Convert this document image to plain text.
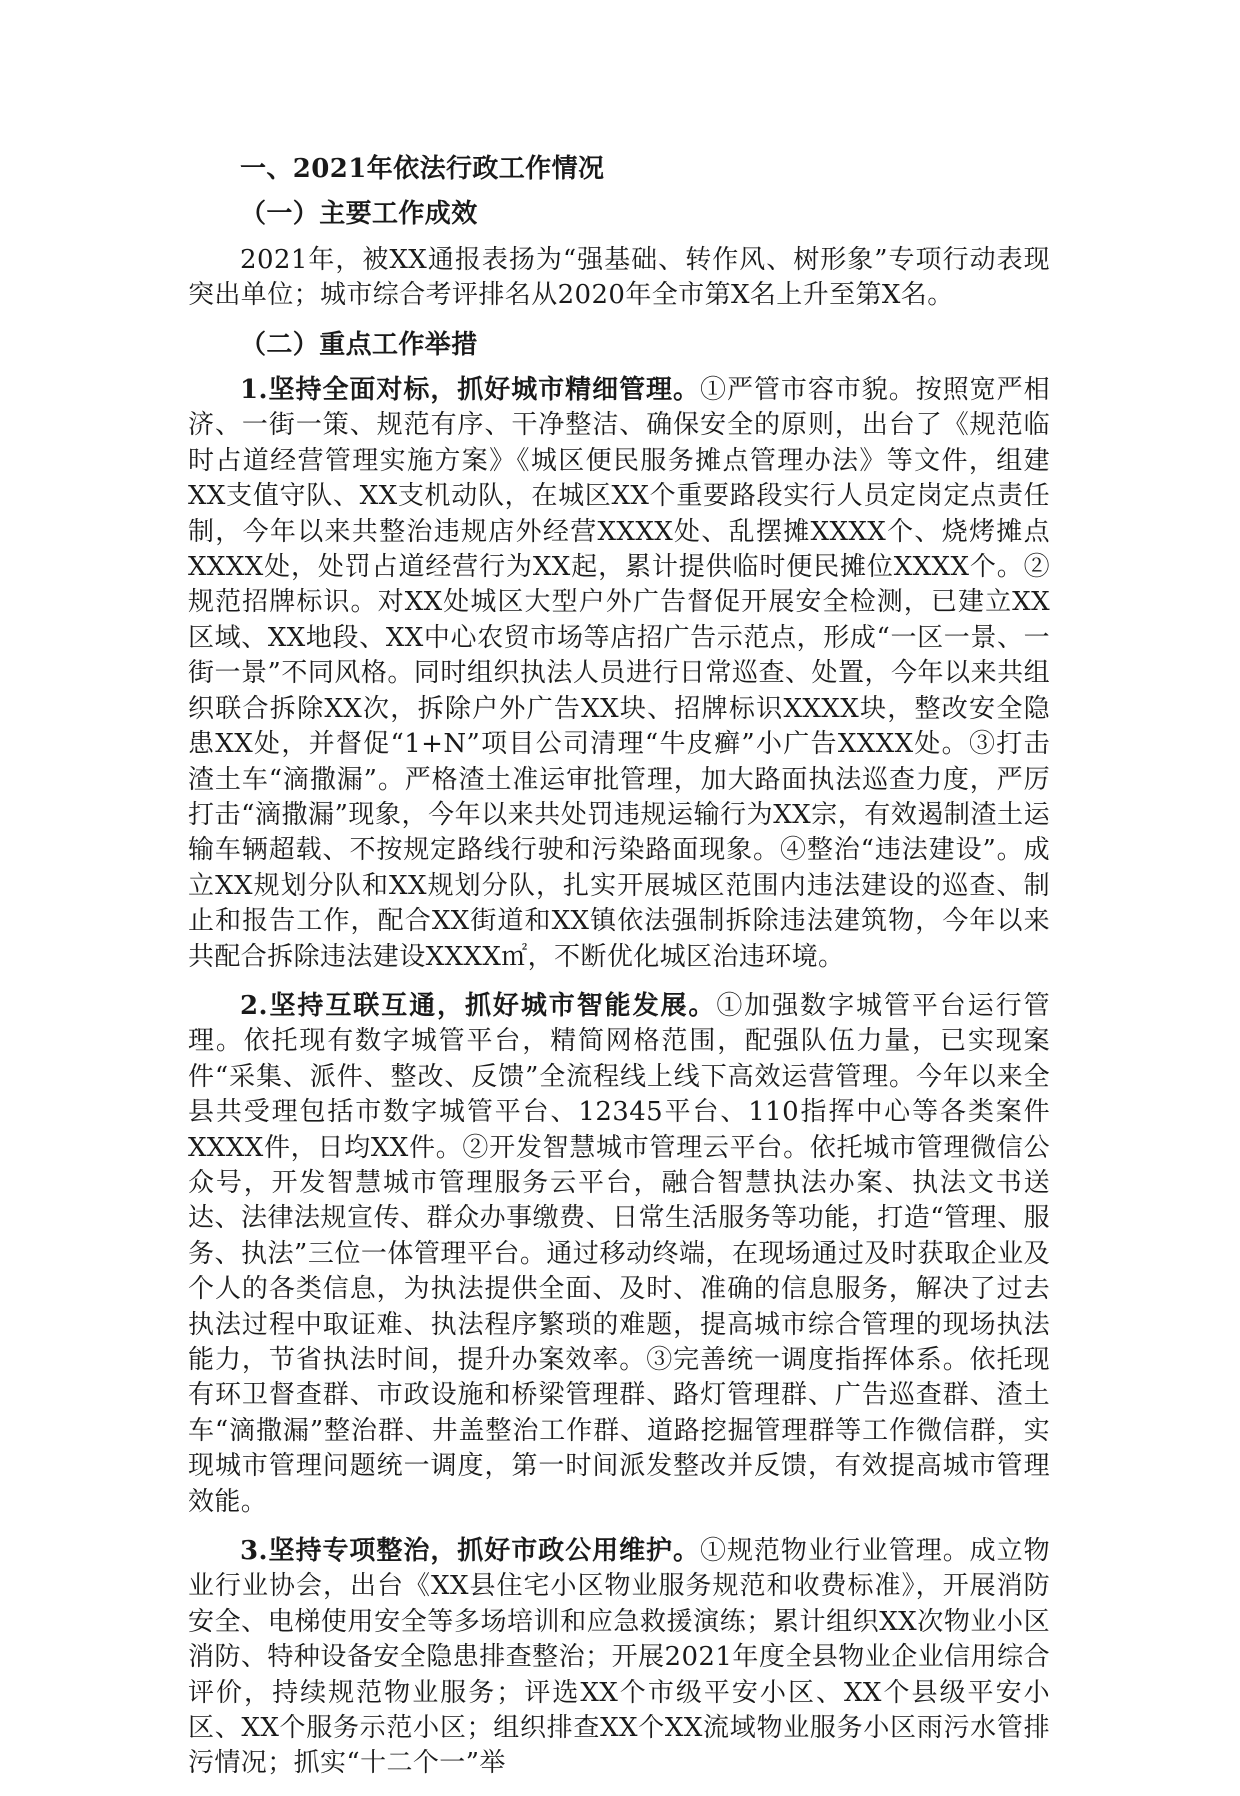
一、2021年依法行政工作情况
（一）主要工作成效

2021年，被XX通报表扬为“强基础、转作风、树形象”专项行动表现突出单位；城市综合考评排名从2020年全市第X名上升至第X名。

（二）重点工作举措

1.坚持全面对标，抓好城市精细管理。①严管市容市貌。按照宽严相济、一街一策、规范有序、干净整洁、确保安全的原则，出台了《规范临时占道经营管理实施方案》《城区便民服务摊点管理办法》等文件，组建XX支值守队、XX支机动队，在城区XX个重要路段实行人员定岗定点责任制，今年以来共整治违规店外经营XXXX处、乱摆摊XXXX个、烧烤摊点XXXX处，处罚占道经营行为XX起，累计提供临时便民摊位XXXX个。②规范招牌标识。对XX处城区大型户外广告督促开展安全检测，已建立XX区域、XX地段、XX中心农贸市场等店招广告示范点，形成“一区一景、一街一景”不同风格。同时组织执法人员进行日常巡查、处置，今年以来共组织联合拆除XX次，拆除户外广告XX块、招牌标识XXXX块，整改安全隐患XX处，并督促“1+N”项目公司清理“牛皮癣”小广告XXXX处。③打击渣土车“滴撒漏”。严格渣土准运审批管理，加大路面执法巡查力度，严厉打击“滴撒漏”现象，今年以来共处罚违规运输行为XX宗，有效遏制渣土运输车辆超载、不按规定路线行驶和污染路面现象。④整治“违法建设”。成立XX规划分队和XX规划分队，扎实开展城区范围内违法建设的巡查、制止和报告工作，配合XX街道和XX镇依法强制拆除违法建筑物，今年以来共配合拆除违法建设XXXX㎡，不断优化城区治违环境。

2.坚持互联互通，抓好城市智能发展。①加强数字城管平台运行管理。依托现有数字城管平台，精简网格范围，配强队伍力量，已实现案件“采集、派件、整改、反馈”全流程线上线下高效运营管理。今年以来全县共受理包括市数字城管平台、12345平台、110指挥中心等各类案件XXXX件，日均XX件。②开发智慧城市管理云平台。依托城市管理微信公众号，开发智慧城市管理服务云平台，融合智慧执法办案、执法文书送达、法律法规宣传、群众办事缴费、日常生活服务等功能，打造“管理、服务、执法”三位一体管理平台。通过移动终端，在现场通过及时获取企业及个人的各类信息，为执法提供全面、及时、准确的信息服务，解决了过去执法过程中取证难、执法程序繁琐的难题，提高城市综合管理的现场执法能力，节省执法时间，提升办案效率。③完善统一调度指挥体系。依托现有环卫督查群、市政设施和桥梁管理群、路灯管理群、广告巡查群、渣土车“滴撒漏”整治群、井盖整治工作群、道路挖掘管理群等工作微信群，实现城市管理问题统一调度，第一时间派发整改并反馈，有效提高城市管理效能。

3.坚持专项整治，抓好市政公用维护。①规范物业行业管理。成立物业行业协会，出台《XX县住宅小区物业服务规范和收费标准》，开展消防安全、电梯使用安全等多场培训和应急救援演练；累计组织XX次物业小区消防、特种设备安全隐患排查整治；开展2021年度全县物业企业信用综合评价，持续规范物业服务；评选XX个市级平安小区、XX个县级平安小区、XX个服务示范小区；组织排查XX个XX流域物业服务小区雨污水管排污情况；抓实“十二个一”举
